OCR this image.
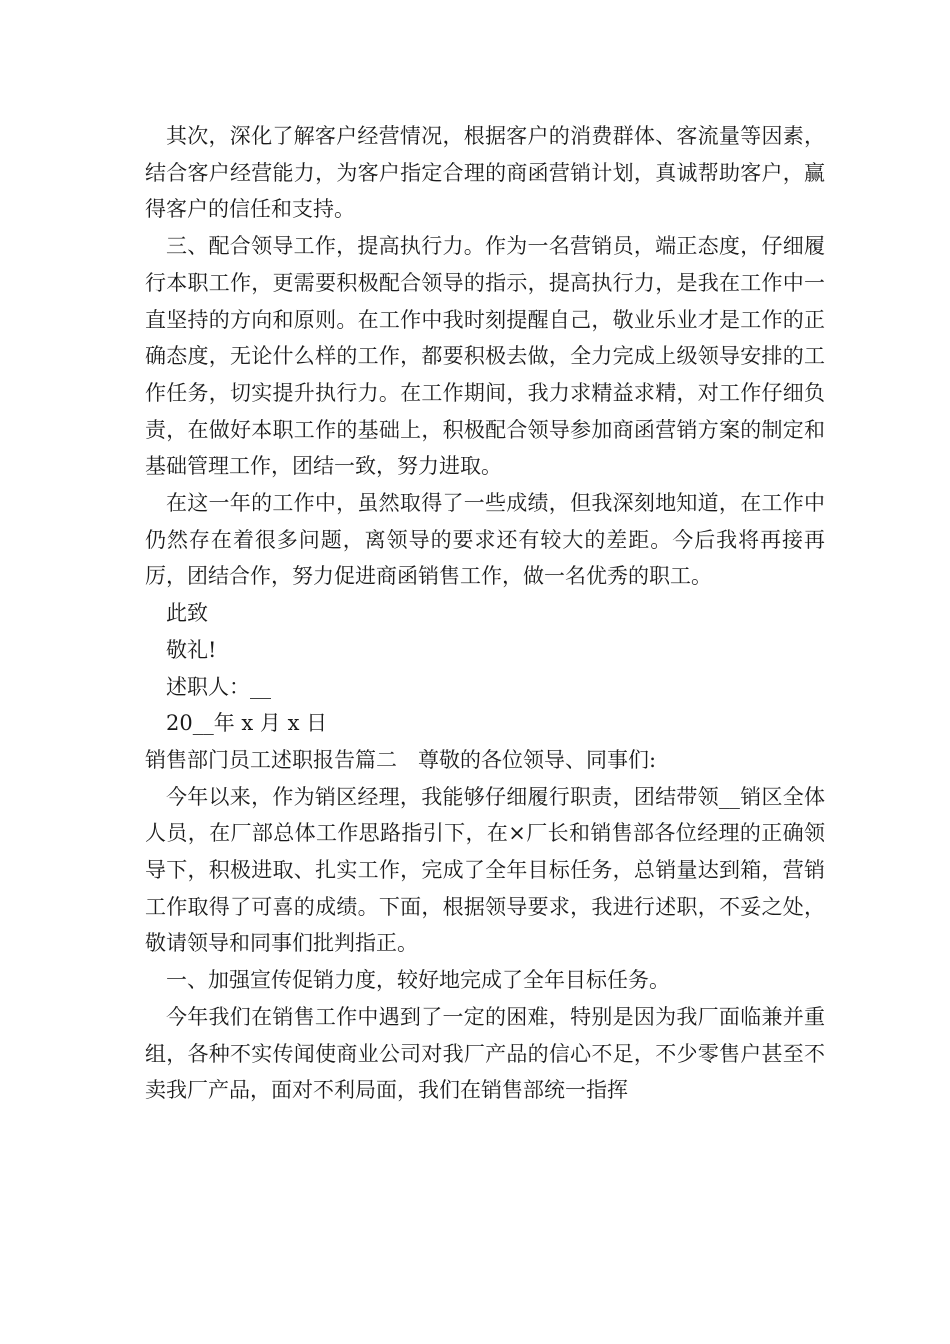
其次，深化了解客户经营情况，根据客户的消费群体、客流量等因素，结合客户经营能力，为客户指定合理的商函营销计划，真诚帮助客户，赢得客户的信任和支持。

三、配合领导工作，提高执行力。作为一名营销员，端正态度，仔细履行本职工作，更需要积极配合领导的指示，提高执行力，是我在工作中一直坚持的方向和原则。在工作中我时刻提醒自己，敬业乐业才是工作的正确态度，无论什么样的工作，都要积极去做，全力完成上级领导安排的工作任务，切实提升执行力。在工作期间，我力求精益求精，对工作仔细负责，在做好本职工作的基础上，积极配合领导参加商函营销方案的制定和基础管理工作，团结一致，努力进取。

在这一年的工作中，虽然取得了一些成绩，但我深刻地知道，在工作中仍然存在着很多问题，离领导的要求还有较大的差距。今后我将再接再厉，团结合作，努力促进商函销售工作，做一名优秀的职工。

此致

敬礼!

述职人：__

20__年 x 月 x 日

销售部门员工述职报告篇二　尊敬的各位领导、同事们:

今年以来，作为销区经理，我能够仔细履行职责，团结带领__销区全体人员，在厂部总体工作思路指引下，在×厂长和销售部各位经理的正确领导下，积极进取、扎实工作，完成了全年目标任务，总销量达到箱，营销工作取得了可喜的成绩。下面，根据领导要求，我进行述职，不妥之处，敬请领导和同事们批判指正。

一、加强宣传促销力度，较好地完成了全年目标任务。

今年我们在销售工作中遇到了一定的困难，特别是因为我厂面临兼并重组，各种不实传闻使商业公司对我厂产品的信心不足，不少零售户甚至不卖我厂产品，面对不利局面，我们在销售部统一指挥
